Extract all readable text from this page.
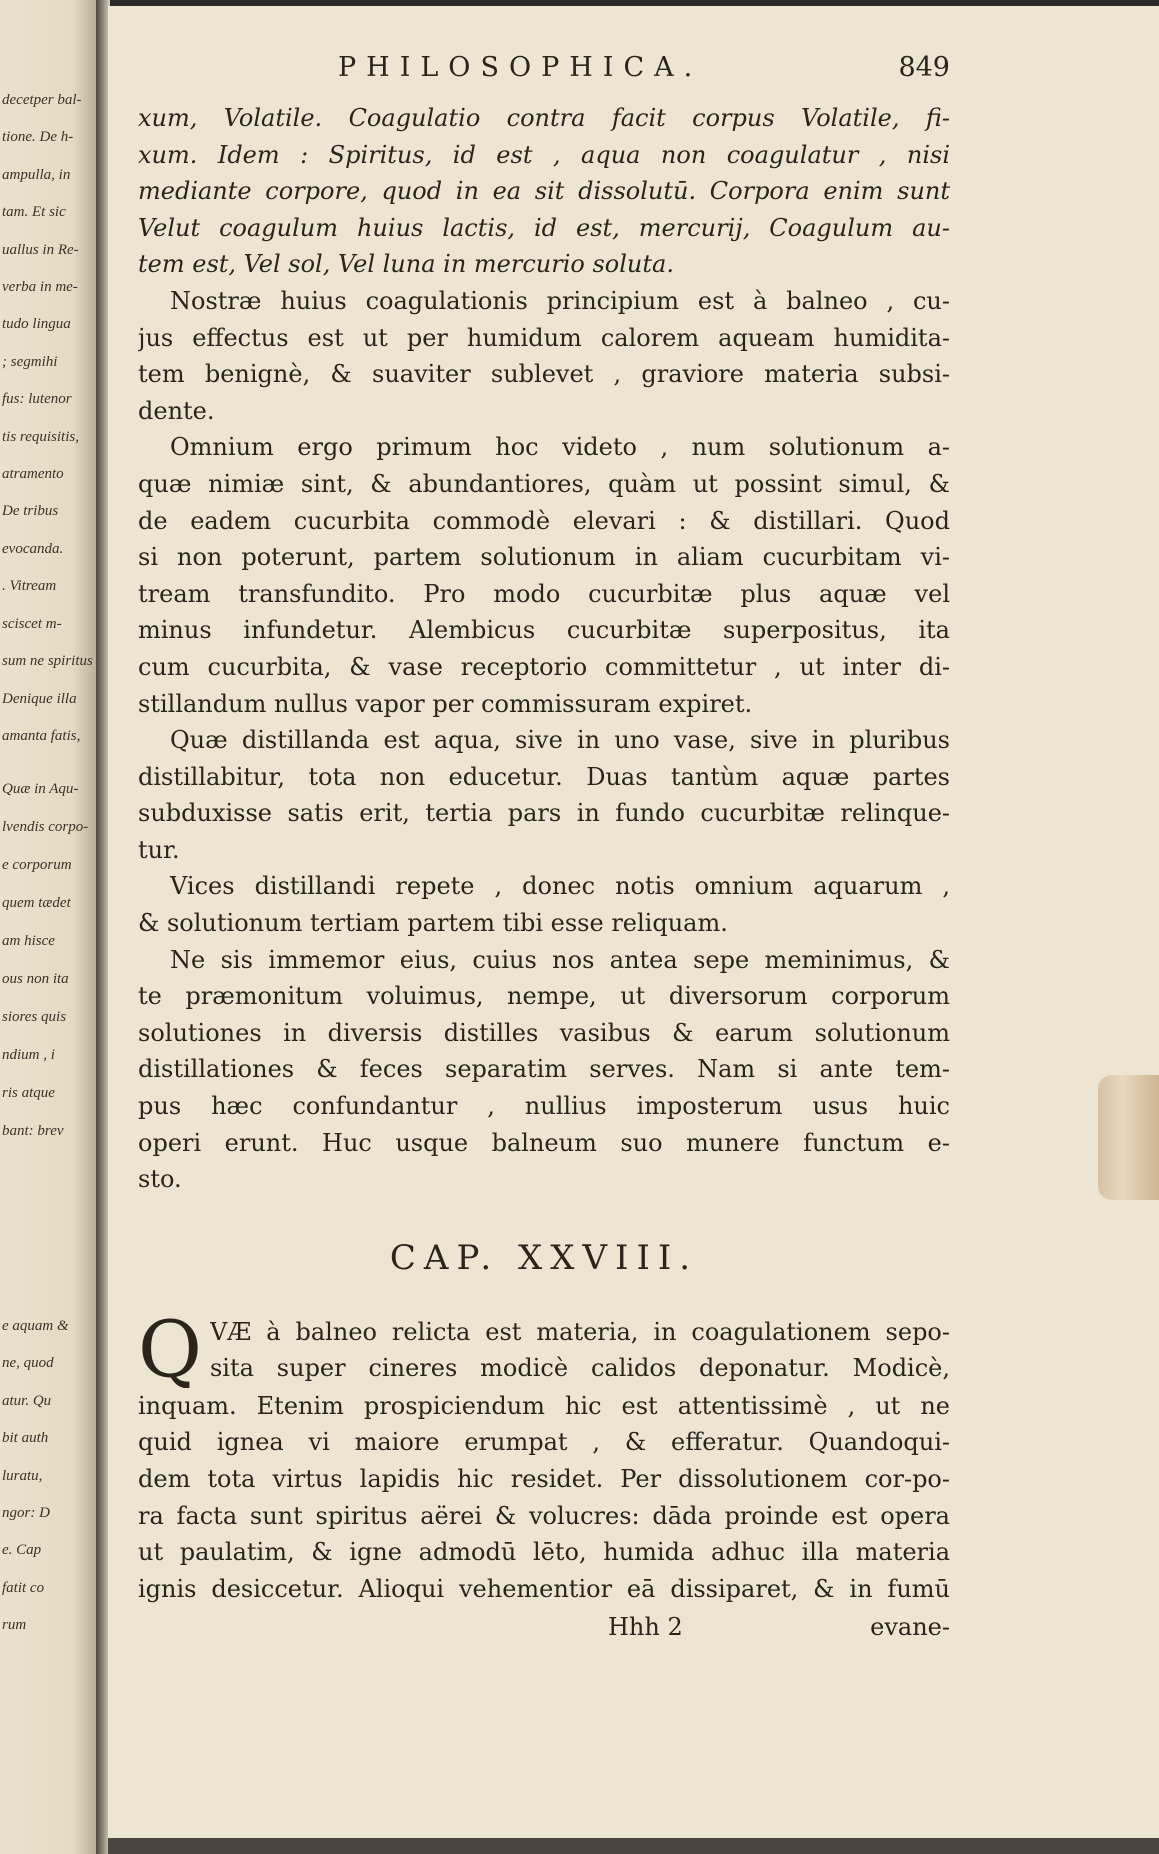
decetper bal-
tione. De h-
ampulla, in
tam. Et sic
uallus in Re-
verba in me-
tudo lingua
; segmihi
fus: lutenor
tis requisitis,
atramento
De tribus
evocanda.
. Vitream
sciscet m-
sum ne spiritus
Denique illa
amanta fatis,
Quæ in Aqu-
lvendis corpo-
e corporum
quem tædet
am hisce
ous non ita
siores quis
ndium , i
ris atque
bant: brev
e aquam &
ne, quod
atur. Qu
bit auth
luratu,
ngor: D
e. Cap
fatit co
rum
PHILOSOPHICA.	849
xum, Volatile. Coagulatio contra facit corpus Volatile, fi-
xum. Idem : Spiritus, id est , aqua non coagulatur , nisi
mediante corpore, quod in ea sit dissolutū. Corpora enim sunt
Velut coagulum huius lactis, id est, mercurij, Coagulum au-
tem est, Vel sol, Vel luna in mercurio soluta.
Nostræ huius coagulationis principium est à balneo , cu-
jus effectus est ut per humidum calorem aqueam humidita-
tem benignè, & suaviter sublevet , graviore materia subsi-
dente.
Omnium ergo primum hoc videto , num solutionum a-
quæ nimiæ sint, & abundantiores, quàm ut possint simul, &
de eadem cucurbita commodè elevari : & distillari. Quod
si non poterunt, partem solutionum in aliam cucurbitam vi-
tream transfundito. Pro modo cucurbitæ plus aquæ vel
minus infundetur. Alembicus cucurbitæ superpositus, ita
cum cucurbita, & vase receptorio committetur , ut inter di-
stillandum nullus vapor per commissuram expiret.
Quæ distillanda est aqua, sive in uno vase, sive in pluribus
distillabitur, tota non educetur. Duas tantùm aquæ partes
subduxisse satis erit, tertia pars in fundo cucurbitæ relinque-
tur.
Vices distillandi repete , donec notis omnium aquarum ,
& solutionum tertiam partem tibi esse reliquam.
Ne sis immemor eius, cuius nos antea sepe meminimus, &
te præmonitum voluimus, nempe, ut diversorum corporum
solutiones in diversis distilles vasibus & earum solutionum
distillationes & feces separatim serves. Nam si ante tem-
pus hæc confundantur , nullius imposterum usus huic
operi erunt. Huc usque balneum suo munere functum e-
sto.
CAP. XXVIII.
Q VÆ à balneo relicta est materia, in coagulationem sepo-
sita super cineres modicè calidos deponatur. Modicè,
inquam. Etenim prospiciendum hic est attentissimè , ut ne
quid ignea vi maiore erumpat , & efferatur. Quandoqui-
dem tota virtus lapidis hic residet. Per dissolutionem cor-po-
ra facta sunt spiritus aërei & volucres: dāda proinde est opera
ut paulatim, & igne admodū lēto, humida adhuc illa materia
ignis desiccetur. Alioqui vehementior eā dissiparet, & in fumū
Hhh 2	evane-
